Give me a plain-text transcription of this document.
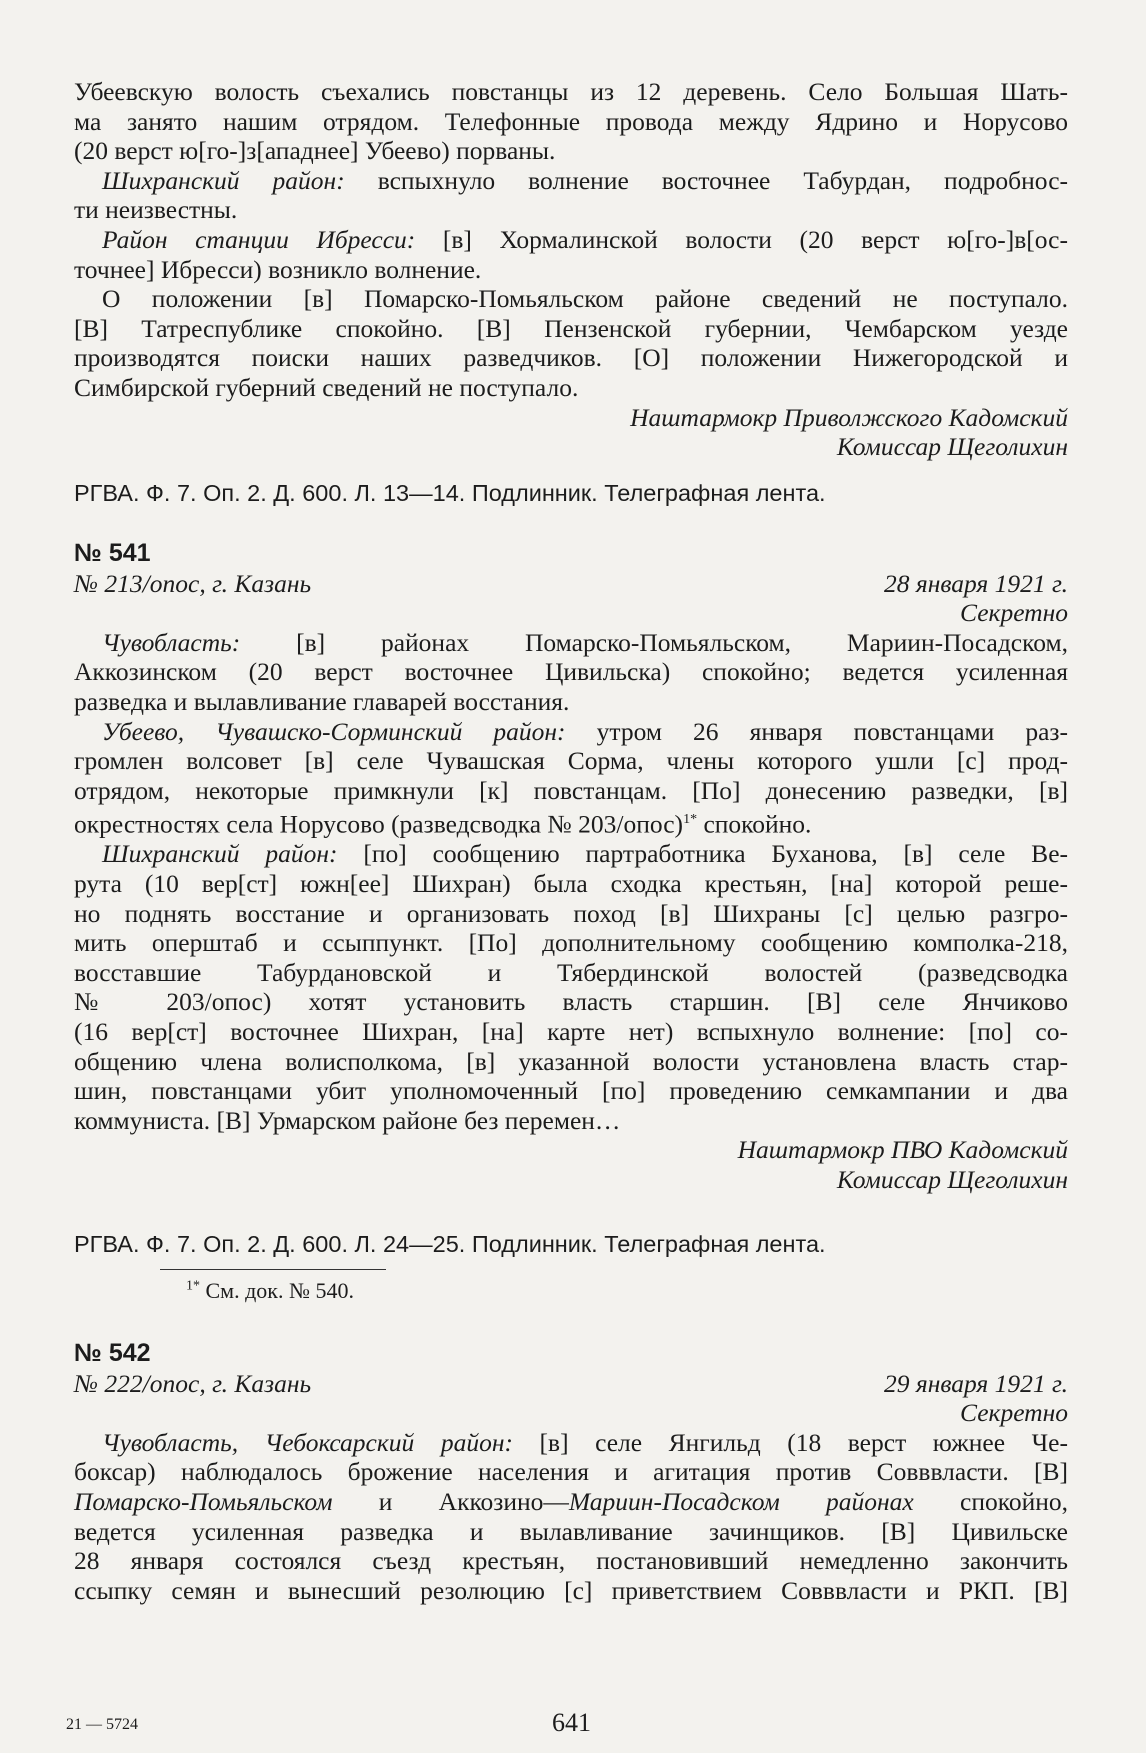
Убеевскую волость съехались повстанцы из 12 деревень. Село Большая Шать-

ма занято нашим отрядом. Телефонные провода между Ядрино и Норусово

(20 верст ю[го-]з[ападнее] Убеево) порваны.

Шихранский район: вспыхнуло волнение восточнее Табурдан, подробнос-

ти неизвестны.

Район станции Ибресси: [в] Хормалинской волости (20 верст ю[го-]в[ос-

точнее] Ибресси) возникло волнение.

О положении [в] Помарско-Помьяльском районе сведений не поступало.

[В] Татреспублике спокойно. [В] Пензенской губернии, Чембарском уезде

производятся поиски наших разведчиков. [О] положении Нижегородской и

Симбирской губерний сведений не поступало.

Наштармокр Приволжского Кадомский

Комиссар Щеголихин

РГВА. Ф. 7. Оп. 2. Д. 600. Л. 13—14. Подлинник. Телеграфная лента.

№ 541

№ 213/опос, г. Казань	28 января 1921 г.

Секретно

Чувобласть: [в] районах Помарско-Помьяльском, Мариин-Посадском,

Аккозинском (20 верст восточнее Цивильска) спокойно; ведется усиленная

разведка и вылавливание главарей восстания.

Убеево, Чувашско-Сорминский район: утром 26 января повстанцами раз-

громлен волсовет [в] селе Чувашская Сорма, члены которого ушли [с] прод-

отрядом, некоторые примкнули [к] повстанцам. [По] донесению разведки, [в]

окрестностях села Норусово (разведсводка № 203/опос)$^{1*}$ спокойно.

Шихранский район: [по] сообщению партработника Буханова, [в] селе Ве-

рута (10 вер[ст] южн[ее] Шихран) была сходка крестьян, [на] которой реше-

но поднять восстание и организовать поход [в] Шихраны [с] целью разгро-

мить оперштаб и ссыппункт. [По] дополнительному сообщению комполка-218,

восставшие Табурдановской и Тябердинской волостей (разведсводка

№ 203/опос) хотят установить власть старшин. [В] селе Янчиково

(16 вер[ст] восточнее Шихран, [на] карте нет) вспыхнуло волнение: [по] со-

общению члена волисполкома, [в] указанной волости установлена власть стар-

шин, повстанцами убит уполномоченный [по] проведению семкампании и два

коммуниста. [В] Урмарском районе без перемен…

Наштармокр ПВО Кадомский

Комиссар Щеголихин

РГВА. Ф. 7. Оп. 2. Д. 600. Л. 24—25. Подлинник. Телеграфная лента.

$^{1*}$ См. док. № 540.

№ 542

№ 222/опос, г. Казань	29 января 1921 г.

Секретно

Чувобласть, Чебоксарский район: [в] селе Янгильд (18 верст южнее Че-

боксар) наблюдалось брожение населения и агитация против Совввласти. [В]

Помарско-Помьяльском и Аккозино—Мариин-Посадском районах спокойно,

ведется усиленная разведка и вылавливание зачинщиков. [В] Цивильске

28 января состоялся съезд крестьян, постановивший немедленно закончить

ссыпку семян и вынесший резолюцию [с] приветствием Совввласти и РКП. [В]

21 — 5724	641
